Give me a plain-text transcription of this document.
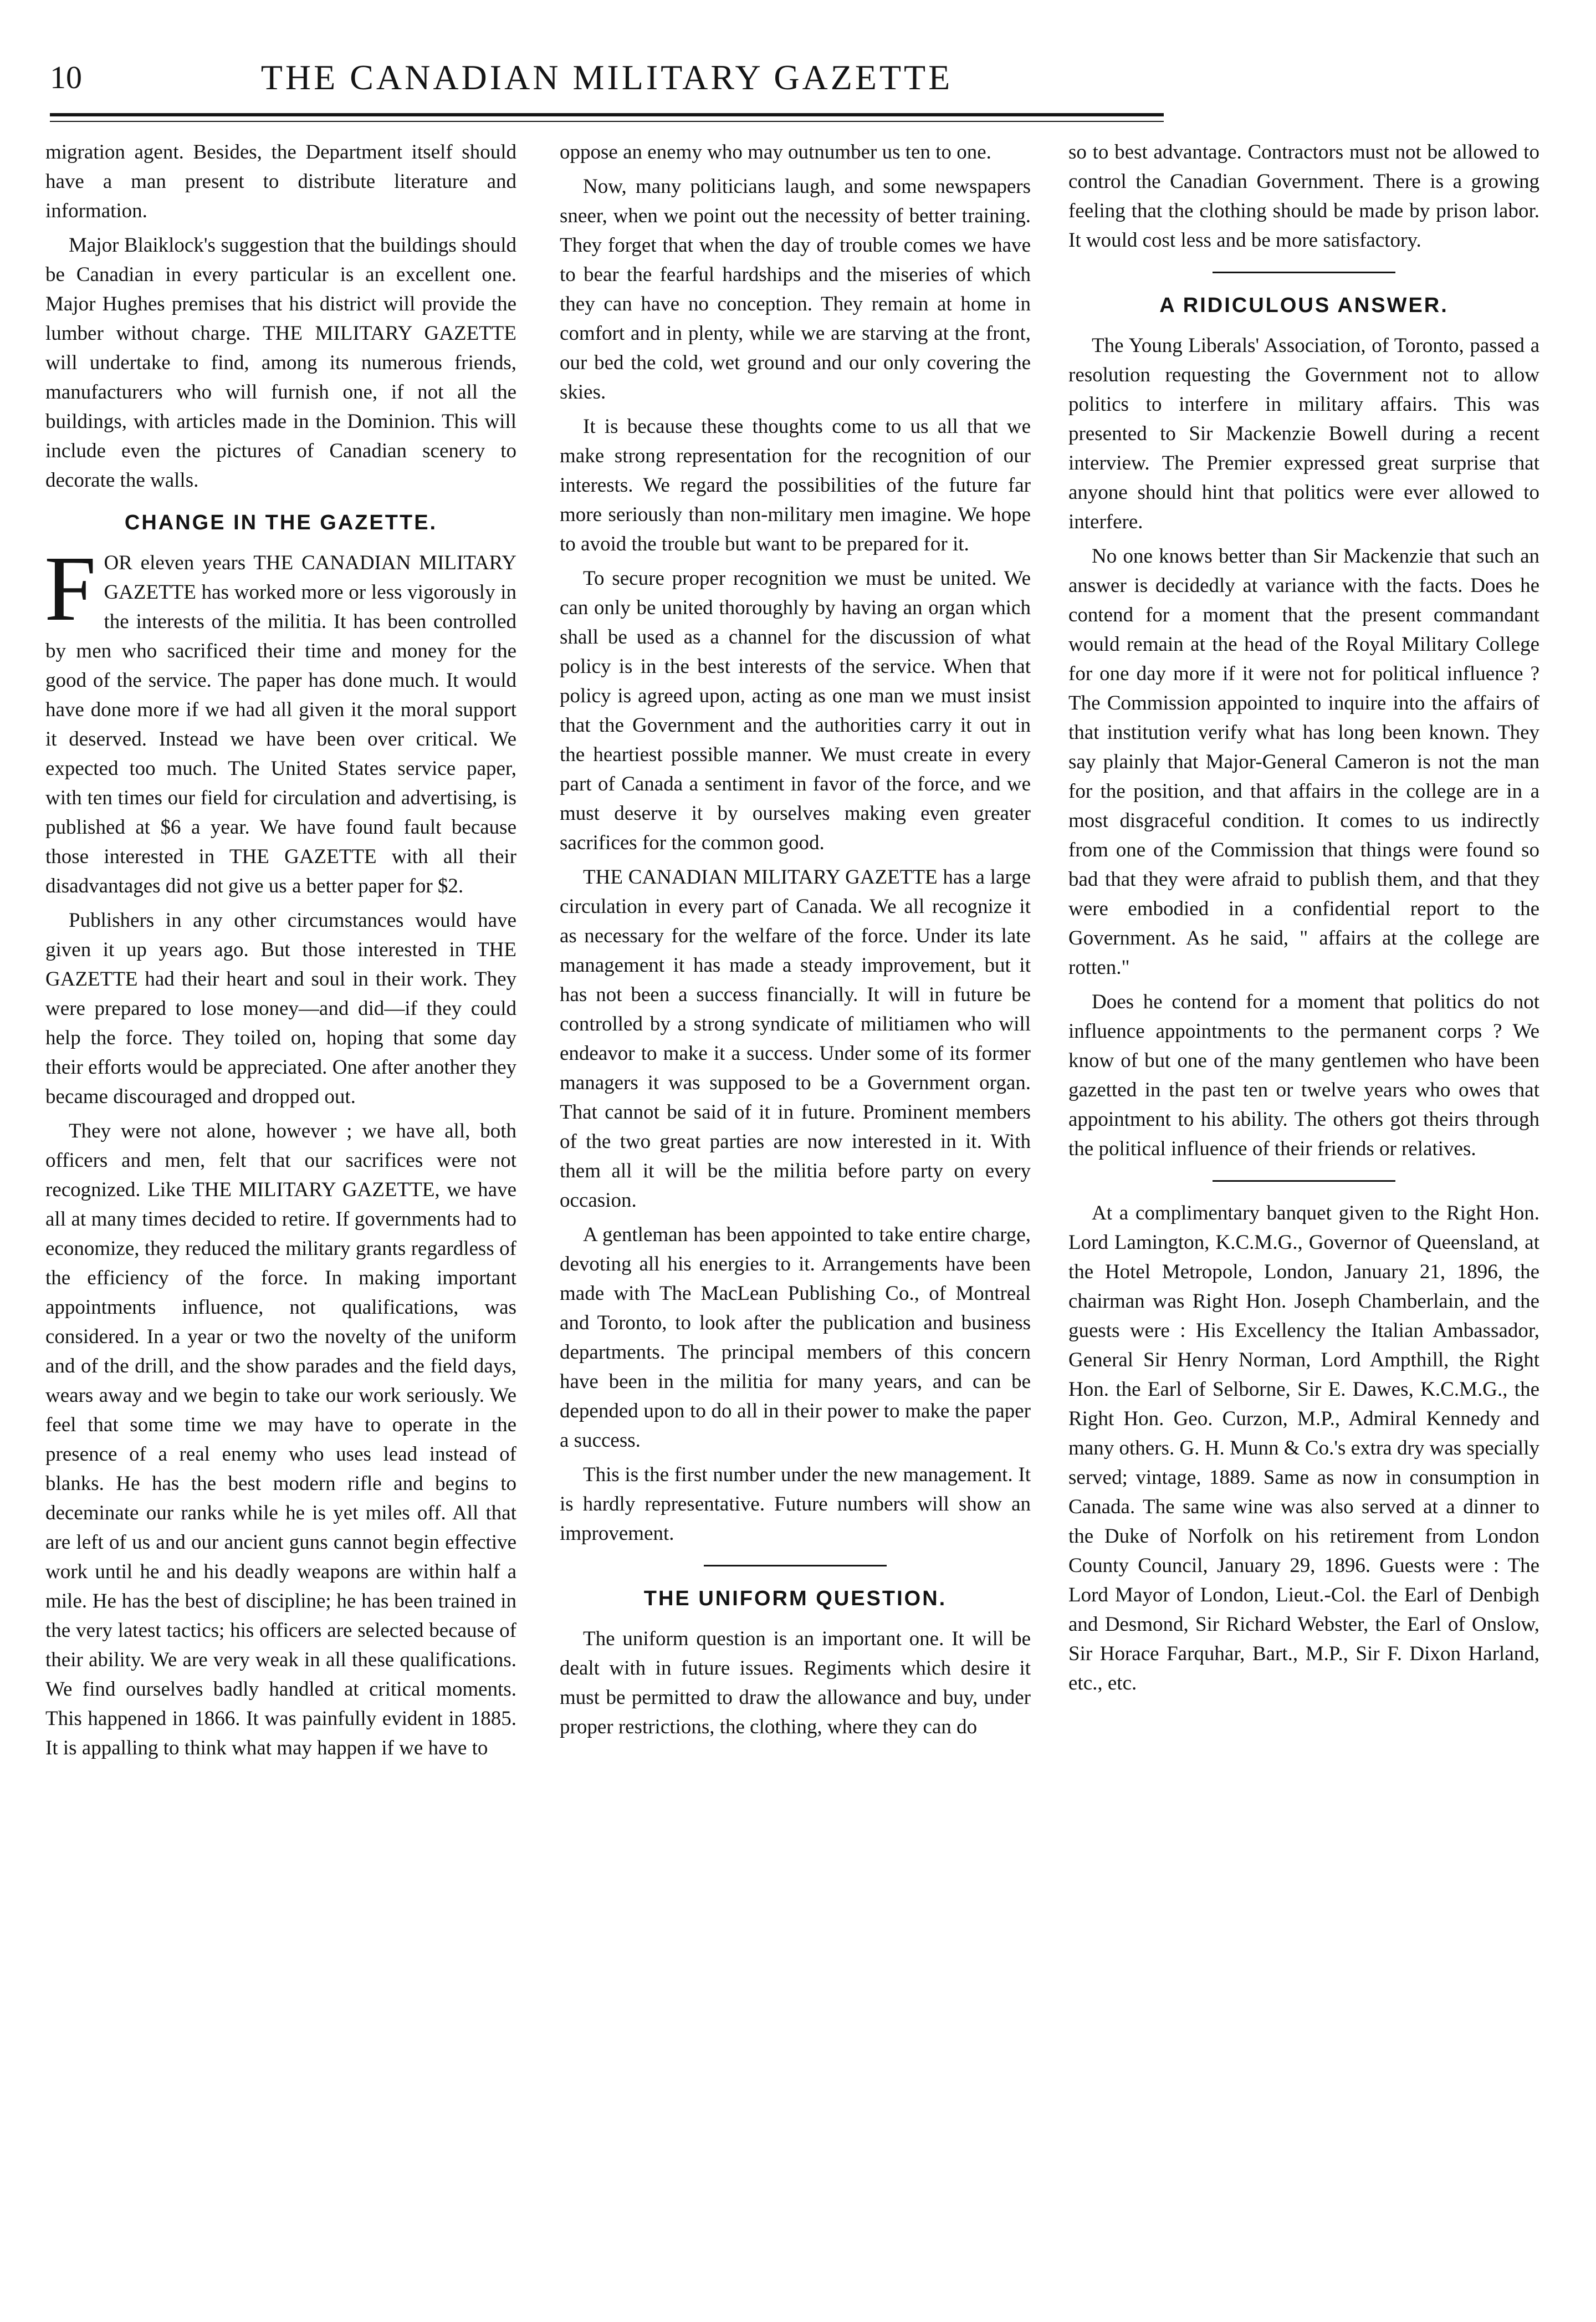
10	THE CANADIAN MILITARY GAZETTE

migration agent. Besides, the Department itself should have a man present to distribute literature and information.

Major Blaiklock's suggestion that the buildings should be Canadian in every particular is an excellent one. Major Hughes premises that his district will provide the lumber without charge. THE MILITARY GAZETTE will undertake to find, among its numerous friends, manufacturers who will furnish one, if not all the buildings, with articles made in the Dominion. This will include even the pictures of Canadian scenery to decorate the walls.

CHANGE IN THE GAZETTE.

FOR eleven years THE CANADIAN MILITARY GAZETTE has worked more or less vigorously in the interests of the militia. It has been controlled by men who sacrificed their time and money for the good of the service. The paper has done much. It would have done more if we had all given it the moral support it deserved. Instead we have been over critical. We expected too much. The United States service paper, with ten times our field for circulation and advertising, is published at $6 a year. We have found fault because those interested in THE GAZETTE with all their disadvantages did not give us a better paper for $2.

Publishers in any other circumstances would have given it up years ago. But those interested in THE GAZETTE had their heart and soul in their work. They were prepared to lose money—and did—if they could help the force. They toiled on, hoping that some day their efforts would be appreciated. One after another they became discouraged and dropped out.

They were not alone, however ; we have all, both officers and men, felt that our sacrifices were not recognized. Like THE MILITARY GAZETTE, we have all at many times decided to retire. If governments had to economize, they reduced the military grants regardless of the efficiency of the force. In making important appointments influence, not qualifications, was considered. In a year or two the novelty of the uniform and of the drill, and the show parades and the field days, wears away and we begin to take our work seriously. We feel that some time we may have to operate in the presence of a real enemy who uses lead instead of blanks. He has the best modern rifle and begins to deceminate our ranks while he is yet miles off. All that are left of us and our ancient guns cannot begin effective work until he and his deadly weapons are within half a mile. He has the best of discipline; he has been trained in the very latest tactics; his officers are selected because of their ability. We are very weak in all these qualifications. We find ourselves badly handled at critical moments. This happened in 1866. It was painfully evident in 1885. It is appalling to think what may happen if we have to

oppose an enemy who may outnumber us ten to one.

Now, many politicians laugh, and some newspapers sneer, when we point out the necessity of better training. They forget that when the day of trouble comes we have to bear the fearful hardships and the miseries of which they can have no conception. They remain at home in comfort and in plenty, while we are starving at the front, our bed the cold, wet ground and our only covering the skies.

It is because these thoughts come to us all that we make strong representation for the recognition of our interests. We regard the possibilities of the future far more seriously than non-military men imagine. We hope to avoid the trouble but want to be prepared for it.

To secure proper recognition we must be united. We can only be united thoroughly by having an organ which shall be used as a channel for the discussion of what policy is in the best interests of the service. When that policy is agreed upon, acting as one man we must insist that the Government and the authorities carry it out in the heartiest possible manner. We must create in every part of Canada a sentiment in favor of the force, and we must deserve it by ourselves making even greater sacrifices for the common good.

THE CANADIAN MILITARY GAZETTE has a large circulation in every part of Canada. We all recognize it as necessary for the welfare of the force. Under its late management it has made a steady improvement, but it has not been a success financially. It will in future be controlled by a strong syndicate of militiamen who will endeavor to make it a success. Under some of its former managers it was supposed to be a Government organ. That cannot be said of it in future. Prominent members of the two great parties are now interested in it. With them all it will be the militia before party on every occasion.

A gentleman has been appointed to take entire charge, devoting all his energies to it. Arrangements have been made with The MacLean Publishing Co., of Montreal and Toronto, to look after the publication and business departments. The principal members of this concern have been in the militia for many years, and can be depended upon to do all in their power to make the paper a success.

This is the first number under the new management. It is hardly representative. Future numbers will show an improvement.

THE UNIFORM QUESTION.

The uniform question is an important one. It will be dealt with in future issues. Regiments which desire it must be permitted to draw the allowance and buy, under proper restrictions, the clothing, where they can do

so to best advantage. Contractors must not be allowed to control the Canadian Government. There is a growing feeling that the clothing should be made by prison labor. It would cost less and be more satisfactory.

A RIDICULOUS ANSWER.

The Young Liberals' Association, of Toronto, passed a resolution requesting the Government not to allow politics to interfere in military affairs. This was presented to Sir Mackenzie Bowell during a recent interview. The Premier expressed great surprise that anyone should hint that politics were ever allowed to interfere.

No one knows better than Sir Mackenzie that such an answer is decidedly at variance with the facts. Does he contend for a moment that the present commandant would remain at the head of the Royal Military College for one day more if it were not for political influence ? The Commission appointed to inquire into the affairs of that institution verify what has long been known. They say plainly that Major-General Cameron is not the man for the position, and that affairs in the college are in a most disgraceful condition. It comes to us indirectly from one of the Commission that things were found so bad that they were afraid to publish them, and that they were embodied in a confidential report to the Government. As he said, " affairs at the college are rotten."

Does he contend for a moment that politics do not influence appointments to the permanent corps ? We know of but one of the many gentlemen who have been gazetted in the past ten or twelve years who owes that appointment to his ability. The others got theirs through the political influence of their friends or relatives.

At a complimentary banquet given to the Right Hon. Lord Lamington, K.C.M.G., Governor of Queensland, at the Hotel Metropole, London, January 21, 1896, the chairman was Right Hon. Joseph Chamberlain, and the guests were : His Excellency the Italian Ambassador, General Sir Henry Norman, Lord Ampthill, the Right Hon. the Earl of Selborne, Sir E. Dawes, K.C.M.G., the Right Hon. Geo. Curzon, M.P., Admiral Kennedy and many others. G. H. Munn & Co.'s extra dry was specially served; vintage, 1889. Same as now in consumption in Canada. The same wine was also served at a dinner to the Duke of Norfolk on his retirement from London County Council, January 29, 1896. Guests were : The Lord Mayor of London, Lieut.-Col. the Earl of Denbigh and Desmond, Sir Richard Webster, the Earl of Onslow, Sir Horace Farquhar, Bart., M.P., Sir F. Dixon Harland, etc., etc.
